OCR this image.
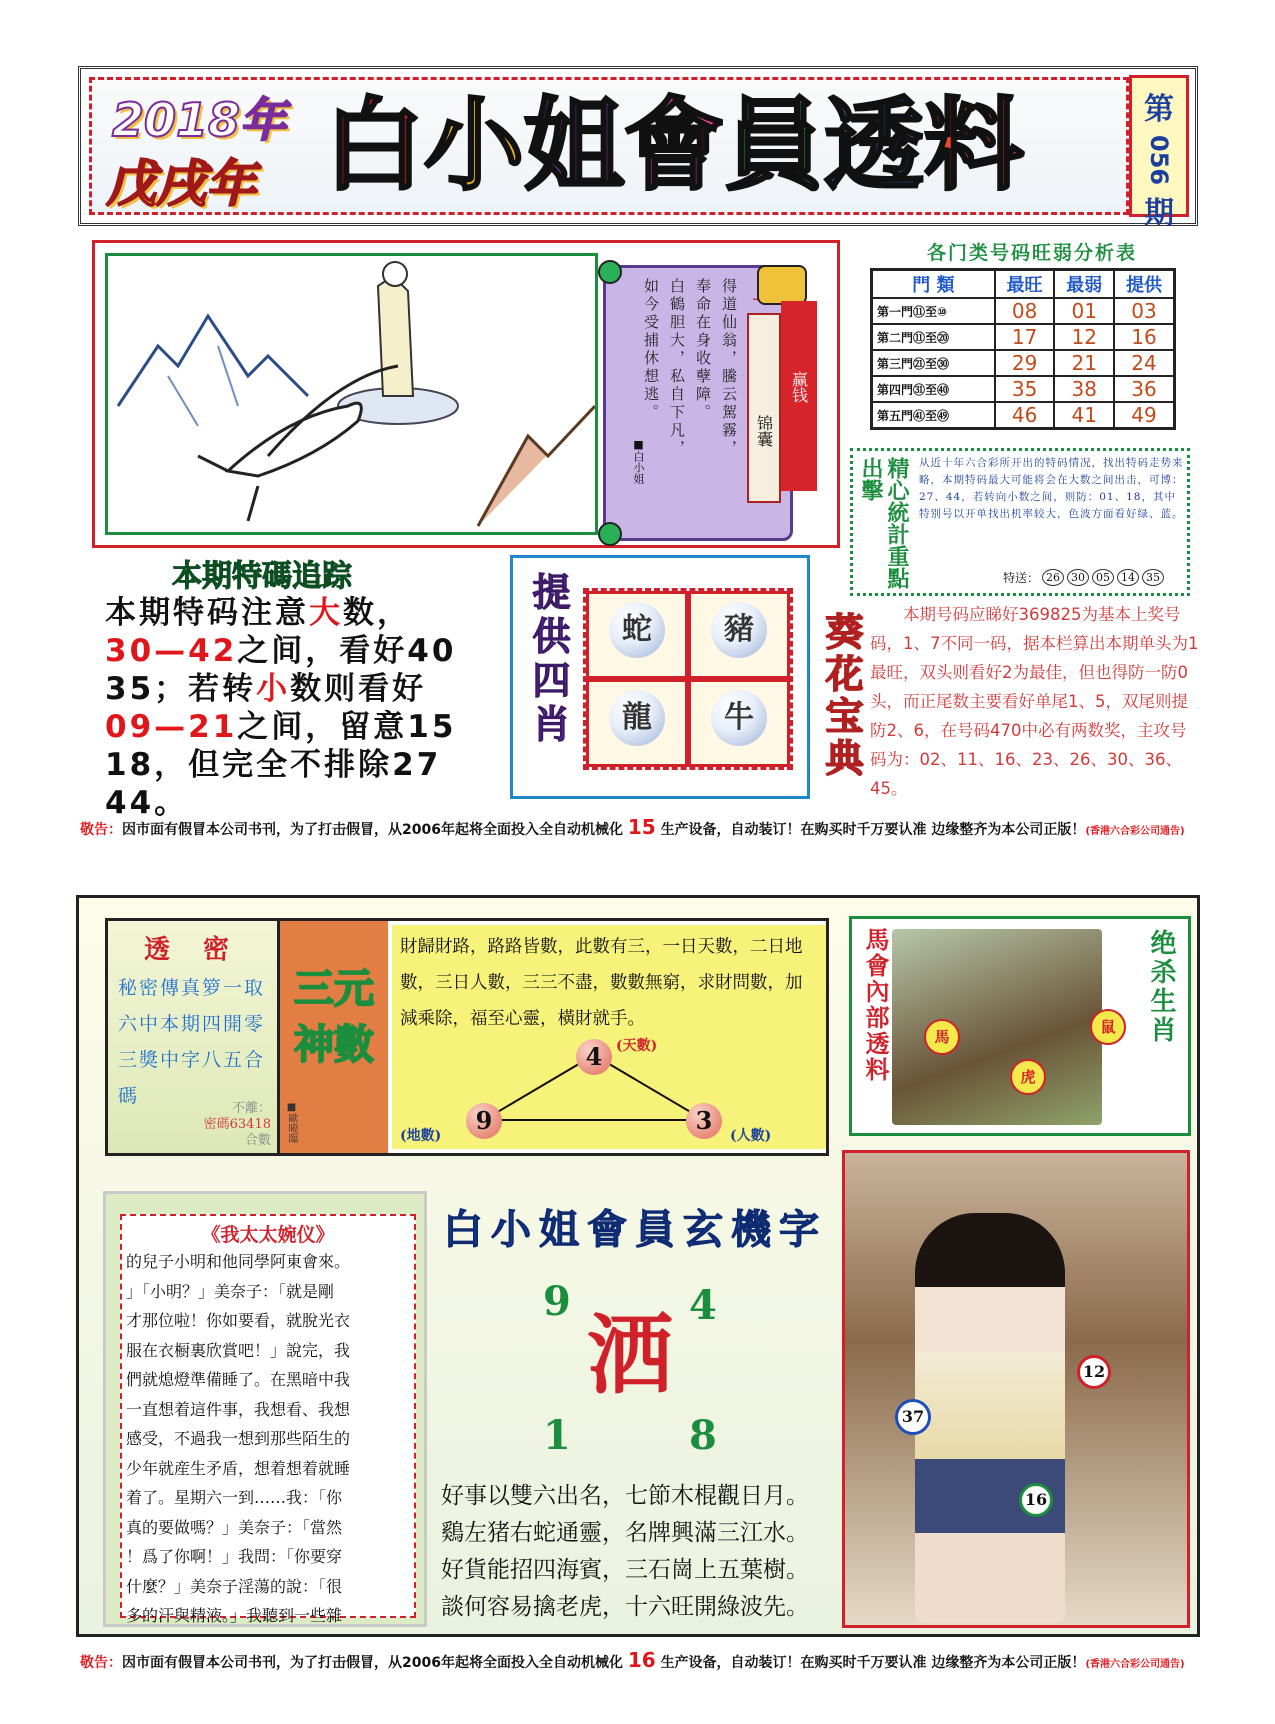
2018年
戊戌年 白小姐會員透料	第
056
期
得道仙翁，騰云駕霧，
奉命在身收孽障。
白鶴胆大，私自下凡，
如今受捕休想逃。
■白小姐
锦囊
赢钱
各门类号码旺弱分析表
門 類	最旺	最弱	提供
第一門⑪至⑩	08	01	03
第二門⑪至⑳	17	12	16
第三門㉑至㉚	29	21	24
第四門㉛至㊵	35	38	36
第五門㊶至㊾	46	41	49
精心統計重點出擊	从近十年六合彩所开出的特码情况，找出特码走势来略，本期特码最大可能将会在大数之间出击，可博：27、44，若转向小数之间，则防：01、18，其中特别号以开单找出机率较大，色波方面看好绿、蓝。
特送： 26	30	05	14	35
本期特碼追踪
本期特码注意大数，
30—42之间，看好40
35；若转小数则看好
09—21之间，留意15
18，但完全不排除27
44。
提供四肖	蛇	豬
龍	牛	葵花宝典	本期号码应睇好369825为基本上奖号码，1、7不同一码，据本栏算出本期单头为1最旺，双头则看好2为最佳，但也得防一防0头，而正尾数主要看好单尾1、5，双尾则提防2、6，在号码470中必有两数奖，主攻号码为：02、11、16、23、26、30、36、45。
敬告：因市面有假冒本公司书刊，为了打击假冒，从2006年起将全面投入全自动机械化 15 生产设备，自动装订！在购买时千万要认准 边缘整齐为本公司正版！(香港六合彩公司通告)
透 密
秘密傳真箩一取
六中本期四開零
三獎中字八五合
碼
不離：
密碼63418
合數
三元神數
■歐曉臨
財歸財路，路路皆數，此數有三，一日天數，二日地數，三日人數，三三不盡，數數無窮，求財問數，加減乘除，福至心靈，橫財就手。
4 (天數)
9
(地數)
3
(人數)
馬會內部透料	绝杀生肖
馬
虎
鼠
《我太太婉仪》
的兒子小明和他同學阿東會來。
」「小明？」美奈子：「就是剛
才那位啦！你如要看，就脫光衣
服在衣橱裏欣賞吧！」說完，我
們就熄燈準備睡了。在黑暗中我
一直想着這件事，我想看、我想
感受，不過我一想到那些陌生的
少年就産生矛盾，想着想着就睡
着了。星期六一到……我：「你
真的要做嗎？」美奈子：「當然
！爲了你啊！」我問：「你要穿
什麼？」美奈子淫蕩的說：「很
多的汗與精液。」我聽到一些雜
白小姐會員玄機字
9	4
洒
1	8
好事以雙六出名，七節木棍觀日月。
鷄左猪右蛇通靈，名牌興滿三江水。
好貨能招四海賓，三石崗上五葉樹。
談何容易擒老虎，十六旺開綠波先。
12
37
16
敬告：因市面有假冒本公司书刊，为了打击假冒，从2006年起将全面投入全自动机械化 16 生产设备，自动装订！在购买时千万要认准 边缘整齐为本公司正版！(香港六合彩公司通告)
